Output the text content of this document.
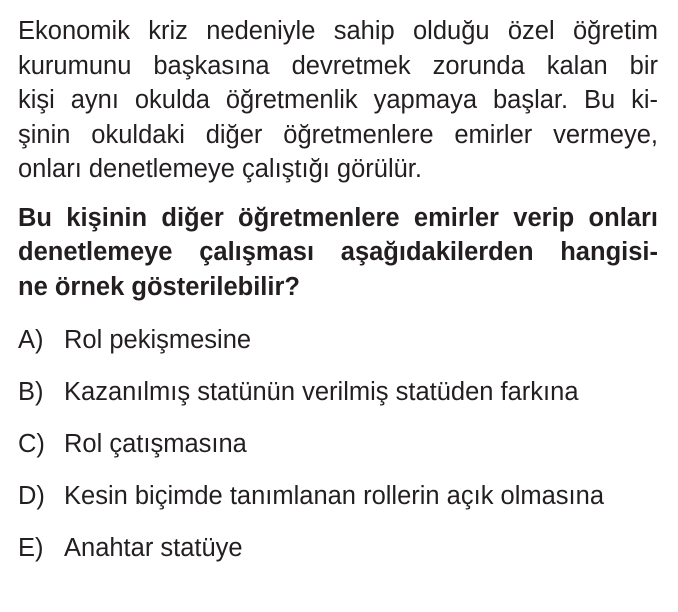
Ekonomik kriz nedeniyle sahip olduğu özel öğretim
kurumunu başkasına devretmek zorunda kalan bir
kişi aynı okulda öğretmenlik yapmaya başlar. Bu ki-
şinin okuldaki diğer öğretmenlere emirler vermeye,
onları denetlemeye çalıştığı görülür.
Bu kişinin diğer öğretmenlere emirler verip onları
denetlemeye çalışması aşağıdakilerden hangisi-
ne örnek gösterilebilir?
A) Rol pekişmesine
B) Kazanılmış statünün verilmiş statüden farkına
C) Rol çatışmasına
D) Kesin biçimde tanımlanan rollerin açık olmasına
E) Anahtar statüye
